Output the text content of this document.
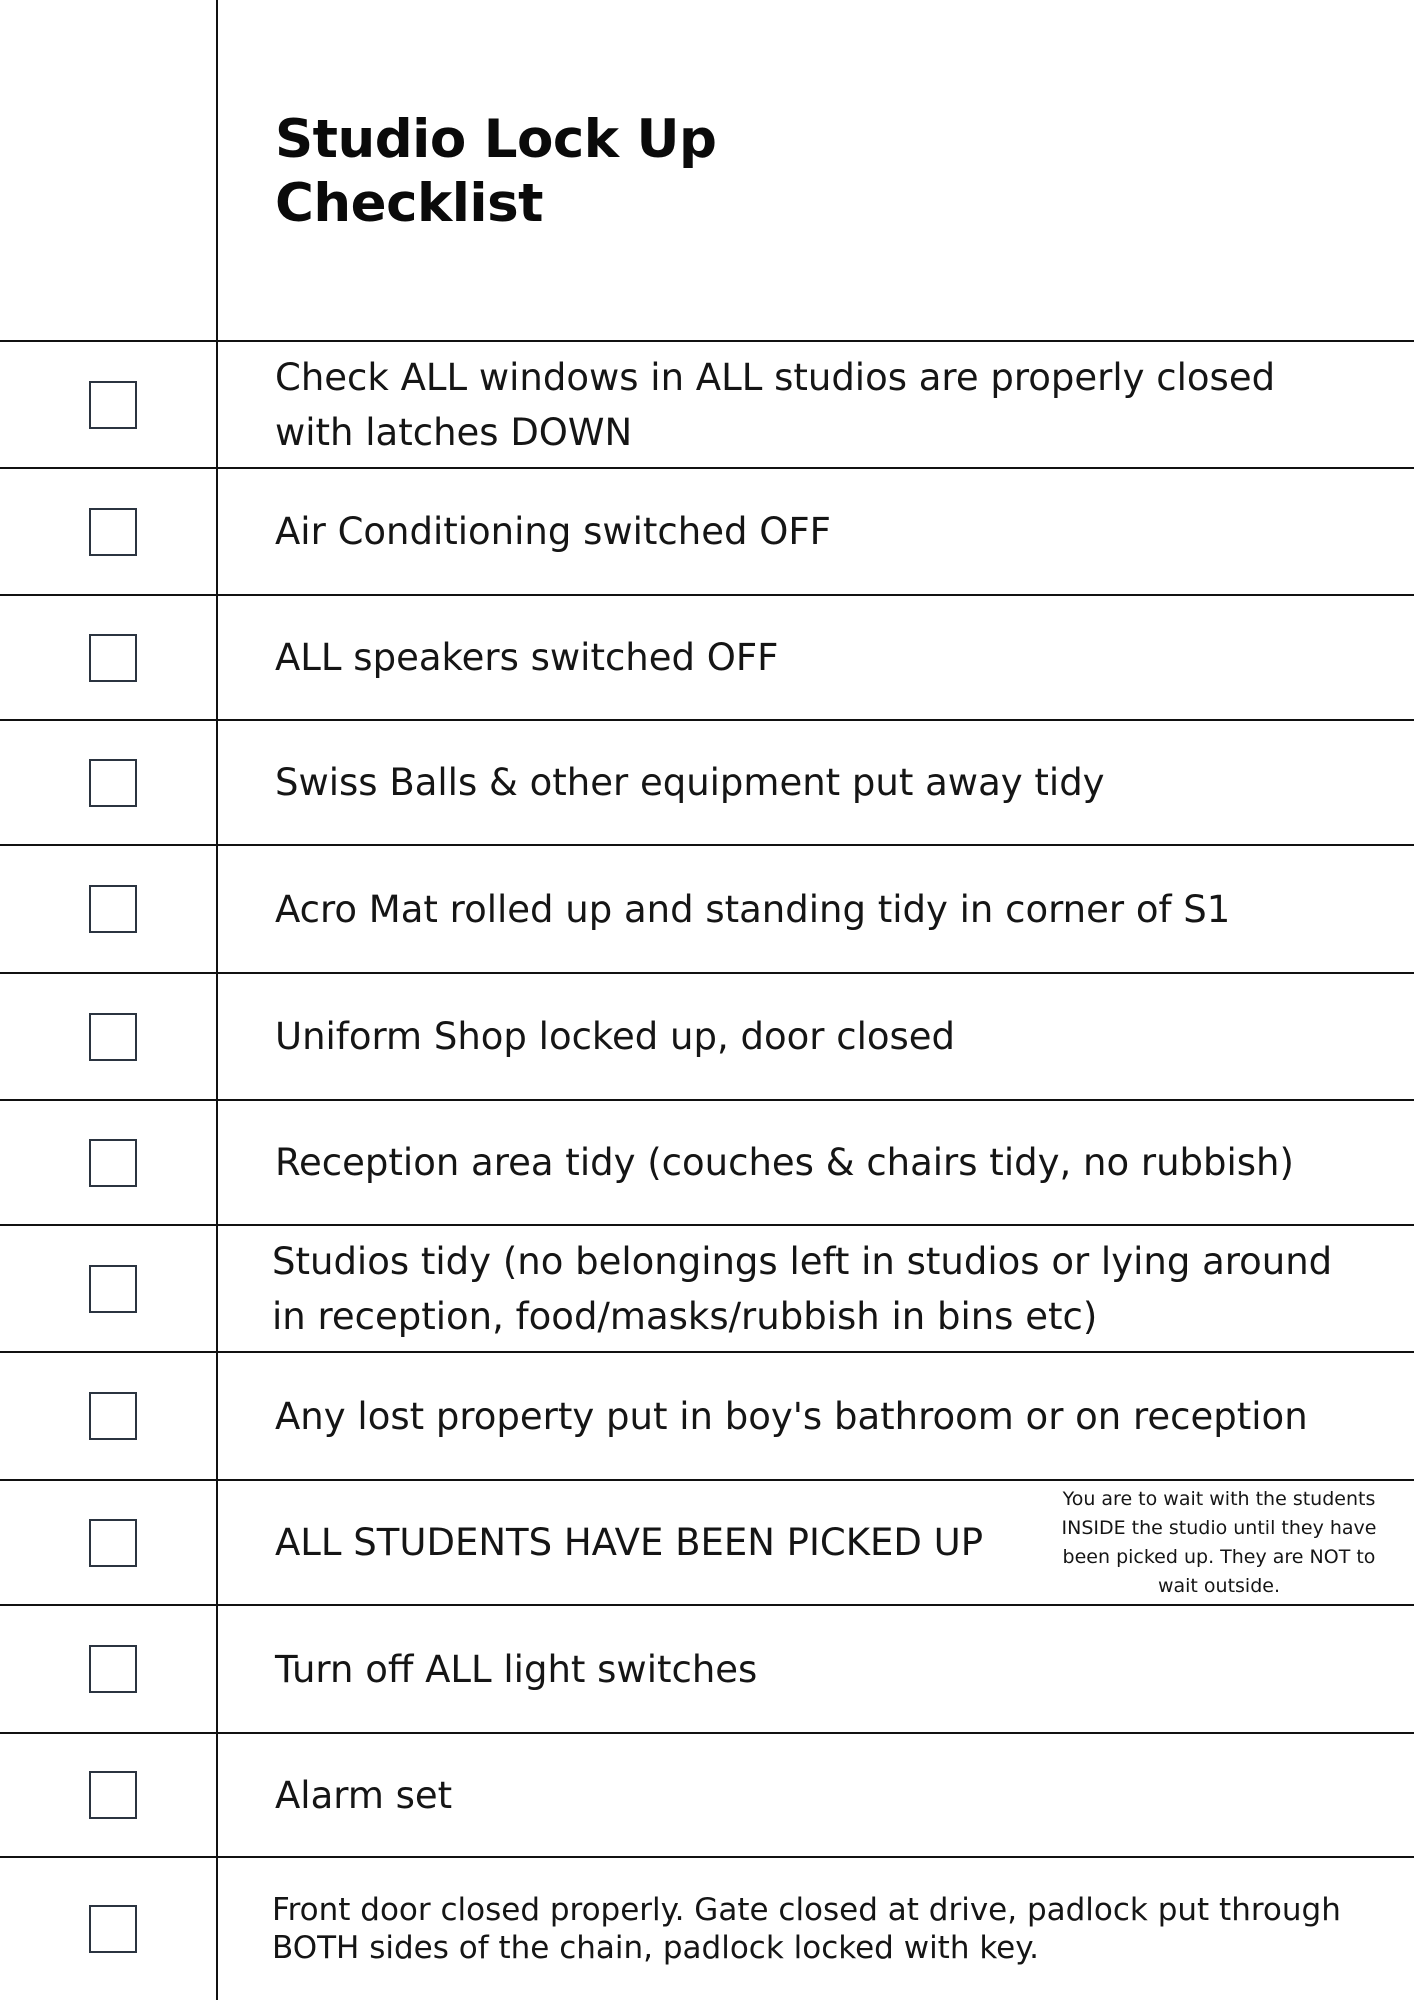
Studio Lock Up
Checklist
Check ALL windows in ALL studios are properly closed
with latches DOWN
Air Conditioning switched OFF
ALL speakers switched OFF
Swiss Balls & other equipment put away tidy
Acro Mat rolled up and standing tidy in corner of S1
Uniform Shop locked up, door closed
Reception area tidy (couches & chairs tidy, no rubbish)
Studios tidy (no belongings left in studios or lying around
in reception, food/masks/rubbish in bins etc)
Any lost property put in boy's bathroom or on reception
ALL STUDENTS HAVE BEEN PICKED UP
You are to wait with the students
INSIDE the studio until they have
been picked up. They are NOT to
wait outside.
Turn off ALL light switches
Alarm set
Front door closed properly. Gate closed at drive, padlock put through
BOTH sides of the chain, padlock locked with key.
